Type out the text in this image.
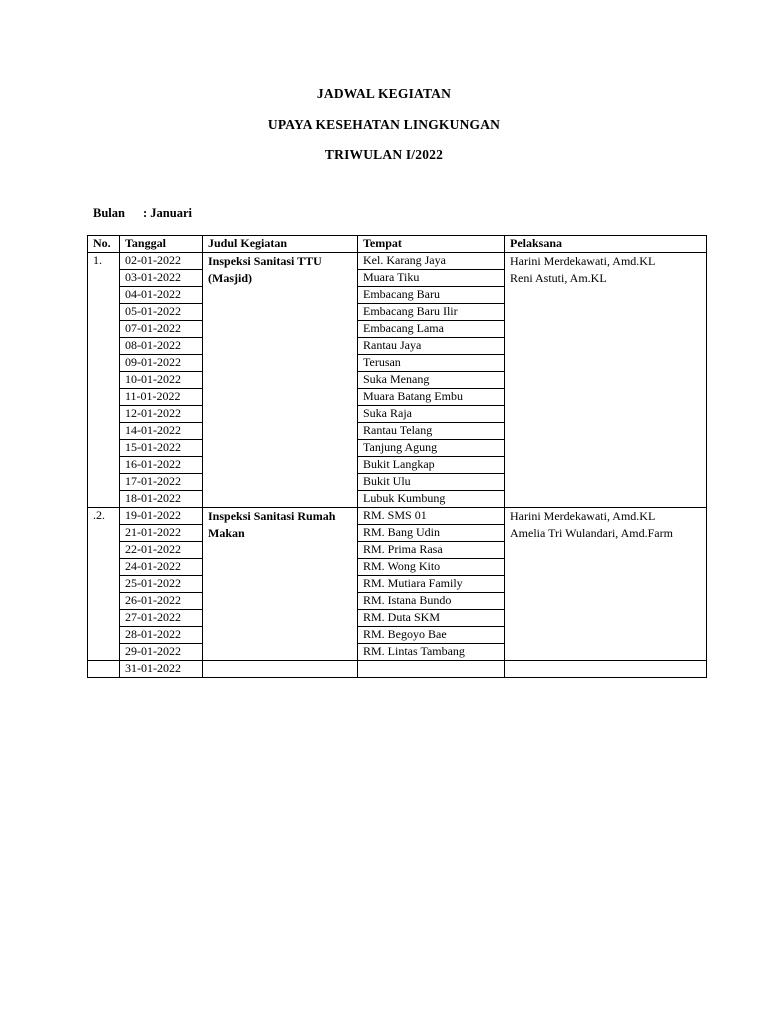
JADWAL KEGIATAN
UPAYA KESEHATAN LINGKUNGAN
TRIWULAN I/2022
Bulan : Januari
No.	Tanggal	Judul Kegiatan	Tempat	Pelaksana
1.	02-01-2022	Inspeksi Sanitasi TTU (Masjid)	Kel. Karang Jaya	Harini Merdekawati, Amd.KL
Reni Astuti, Am.KL

	03-01-2022		Muara Tiku	
	04-01-2022		Embacang Baru	
	05-01-2022		Embacang Baru Ilir	
	07-01-2022		Embacang Lama	
	08-01-2022		Rantau Jaya	
	09-01-2022		Terusan	
	10-01-2022		Suka Menang	
	11-01-2022		Muara Batang Embu	
	12-01-2022		Suka Raja	
	14-01-2022		Rantau Telang	
	15-01-2022		Tanjung Agung	
	16-01-2022		Bukit Langkap	
	17-01-2022		Bukit Ulu	
	18-01-2022		Lubuk Kumbung	
.2.	19-01-2022	Inspeksi Sanitasi Rumah Makan	RM. SMS 01	Harini Merdekawati, Amd.KL
Amelia Tri Wulandari, Amd.Farm

	21-01-2022		RM. Bang Udin	
	22-01-2022		RM. Prima Rasa	
	24-01-2022		RM. Wong Kito	
	25-01-2022		RM. Mutiara Family	
	26-01-2022		RM. Istana Bundo	
	27-01-2022		RM. Duta SKM	
	28-01-2022		RM. Begoyo Bae	
	29-01-2022		RM. Lintas Tambang	
	31-01-2022			
